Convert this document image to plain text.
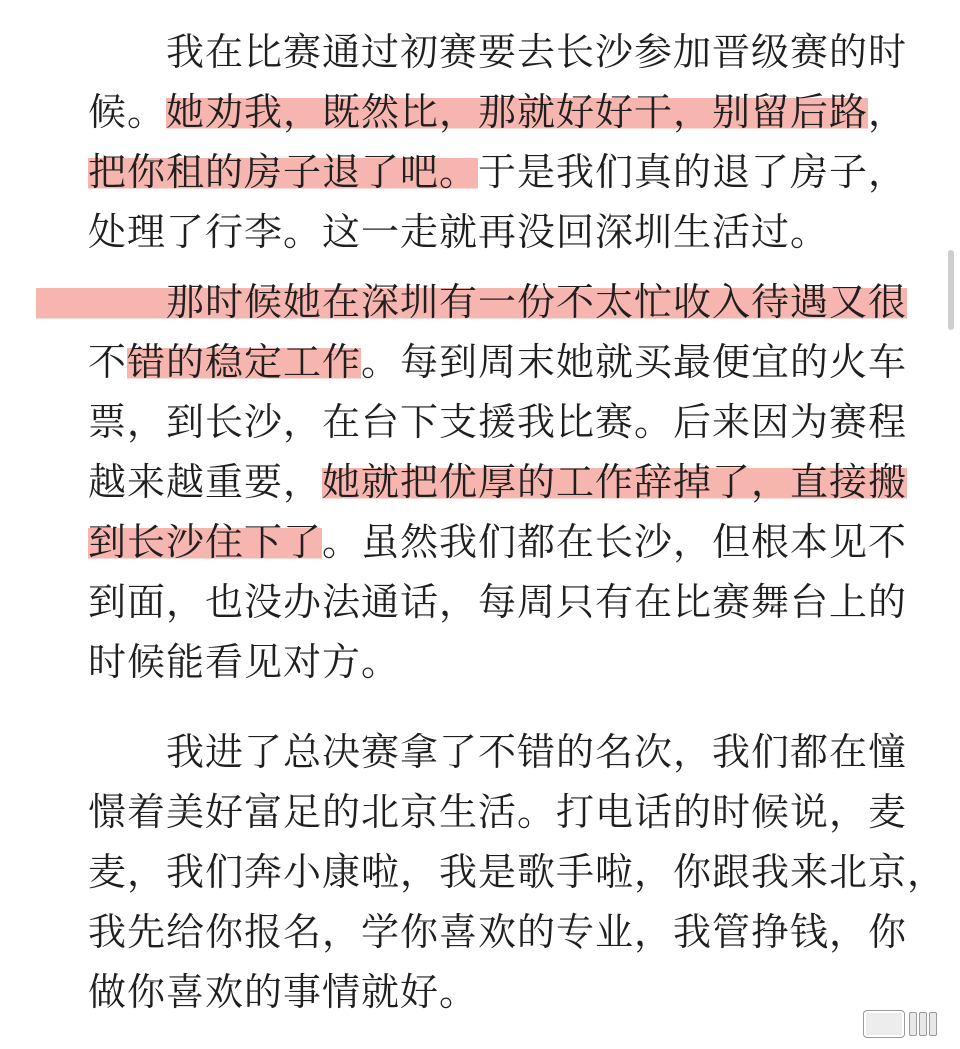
　　我在比赛通过初赛要去长沙参加晋级赛的时
候。她劝我，既然比，那就好好干，别留后路，
把你租的房子退了吧。于是我们真的退了房子，
处理了行李。这一走就再没回深圳生活过。
　　那时候她在深圳有一份不太忙收入待遇又很
不错的稳定工作。每到周末她就买最便宜的火车
票，到长沙，在台下支援我比赛。后来因为赛程
越来越重要，她就把优厚的工作辞掉了，直接搬
到长沙住下了。虽然我们都在长沙，但根本见不
到面，也没办法通话，每周只有在比赛舞台上的
时候能看见对方。
　　我进了总决赛拿了不错的名次，我们都在憧
憬着美好富足的北京生活。打电话的时候说，麦
麦，我们奔小康啦，我是歌手啦，你跟我来北京，
我先给你报名，学你喜欢的专业，我管挣钱，你
做你喜欢的事情就好。
